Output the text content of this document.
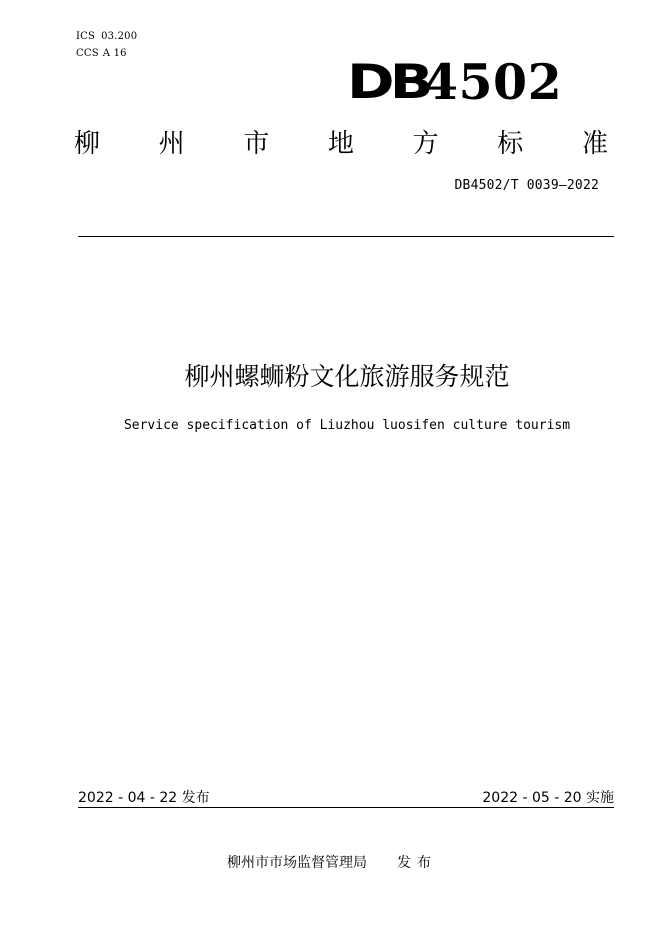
ICS 03.200
CCS A 16
DB
4502
柳 州 市 地 方 标 准
DB4502/T 0039—2022
柳州螺蛳粉文化旅游服务规范
Service specification of Liuzhou luosifen culture tourism
2022 - 04 - 22 发布	2022 - 05 - 20 实施
柳州市市场监督管理局 发布
